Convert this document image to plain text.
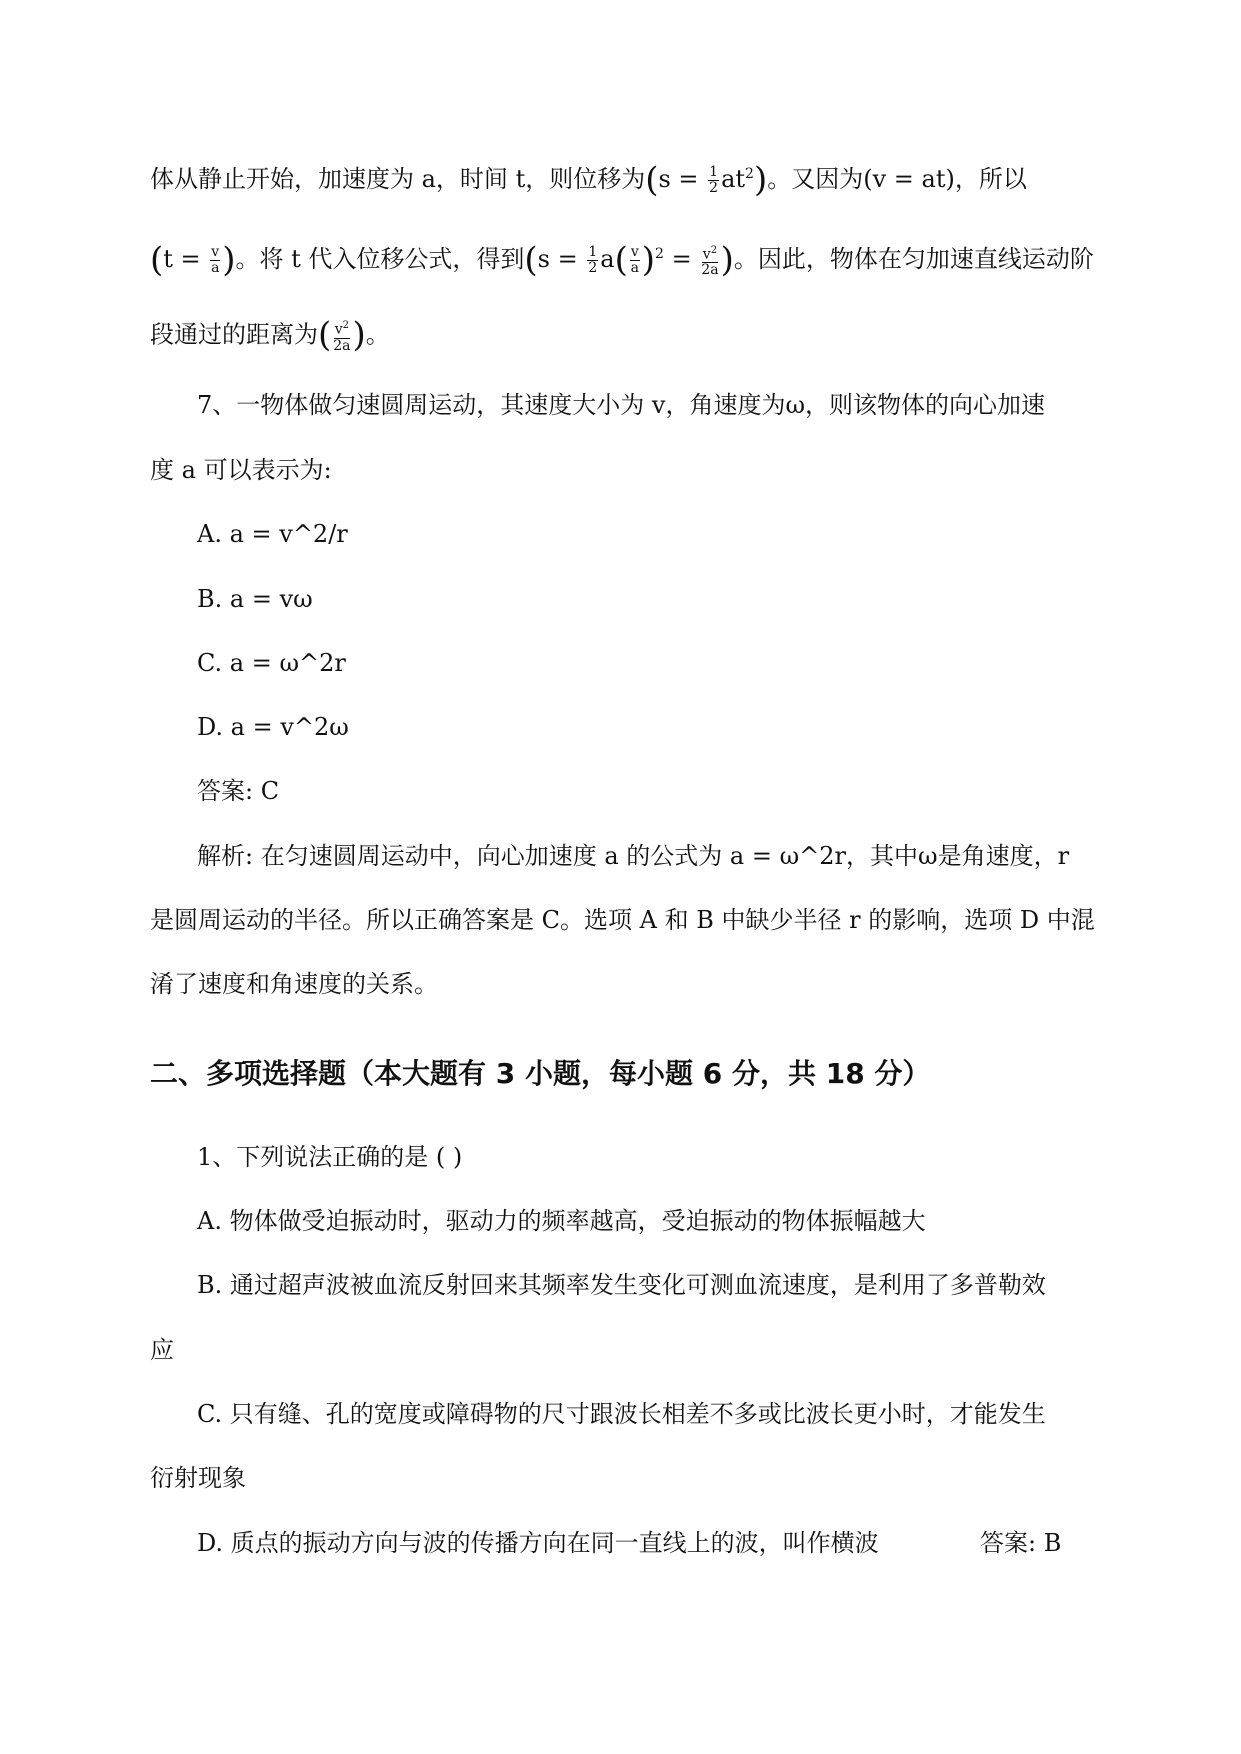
体从静止开始，加速度为 a，时间 t，则位移为$(s = \frac{1}{2} at^2)$。又因为(v = at)，所以
($t = \frac{v}{a}$ )。将 t 代入位移公式，得到($s = \frac{1}{2} a( \frac{v}{a} )^2 = \frac{v^2}{2a}$ )。因此，物体在匀加速直线运动阶
段通过的距离为( $\frac{v^2}{2a}$ )。
7、一物体做匀速圆周运动，其速度大小为 v，角速度为ω，则该物体的向心加速
度 a 可以表示为:
A. a = v^2/r
B. a = vω
C. a = ω^2r
D. a = v^2ω
答案: C
解析: 在匀速圆周运动中，向心加速度 a 的公式为 a = ω^2r，其中ω是角速度，r
是圆周运动的半径。所以正确答案是 C。选项 A 和 B 中缺少半径 r 的影响，选项 D 中混
淆了速度和角速度的关系。
二、多项选择题（本大题有 3 小题，每小题 6 分，共 18 分）
1、下列说法正确的是 ( )
A. 物体做受迫振动时，驱动力的频率越高，受迫振动的物体振幅越大
B. 通过超声波被血流反射回来其频率发生变化可测血流速度，是利用了多普勒效
应
C. 只有缝、孔的宽度或障碍物的尺寸跟波长相差不多或比波长更小时，才能发生
衍射现象
D. 质点的振动方向与波的传播方向在同一直线上的波，叫作横波	答案: B
